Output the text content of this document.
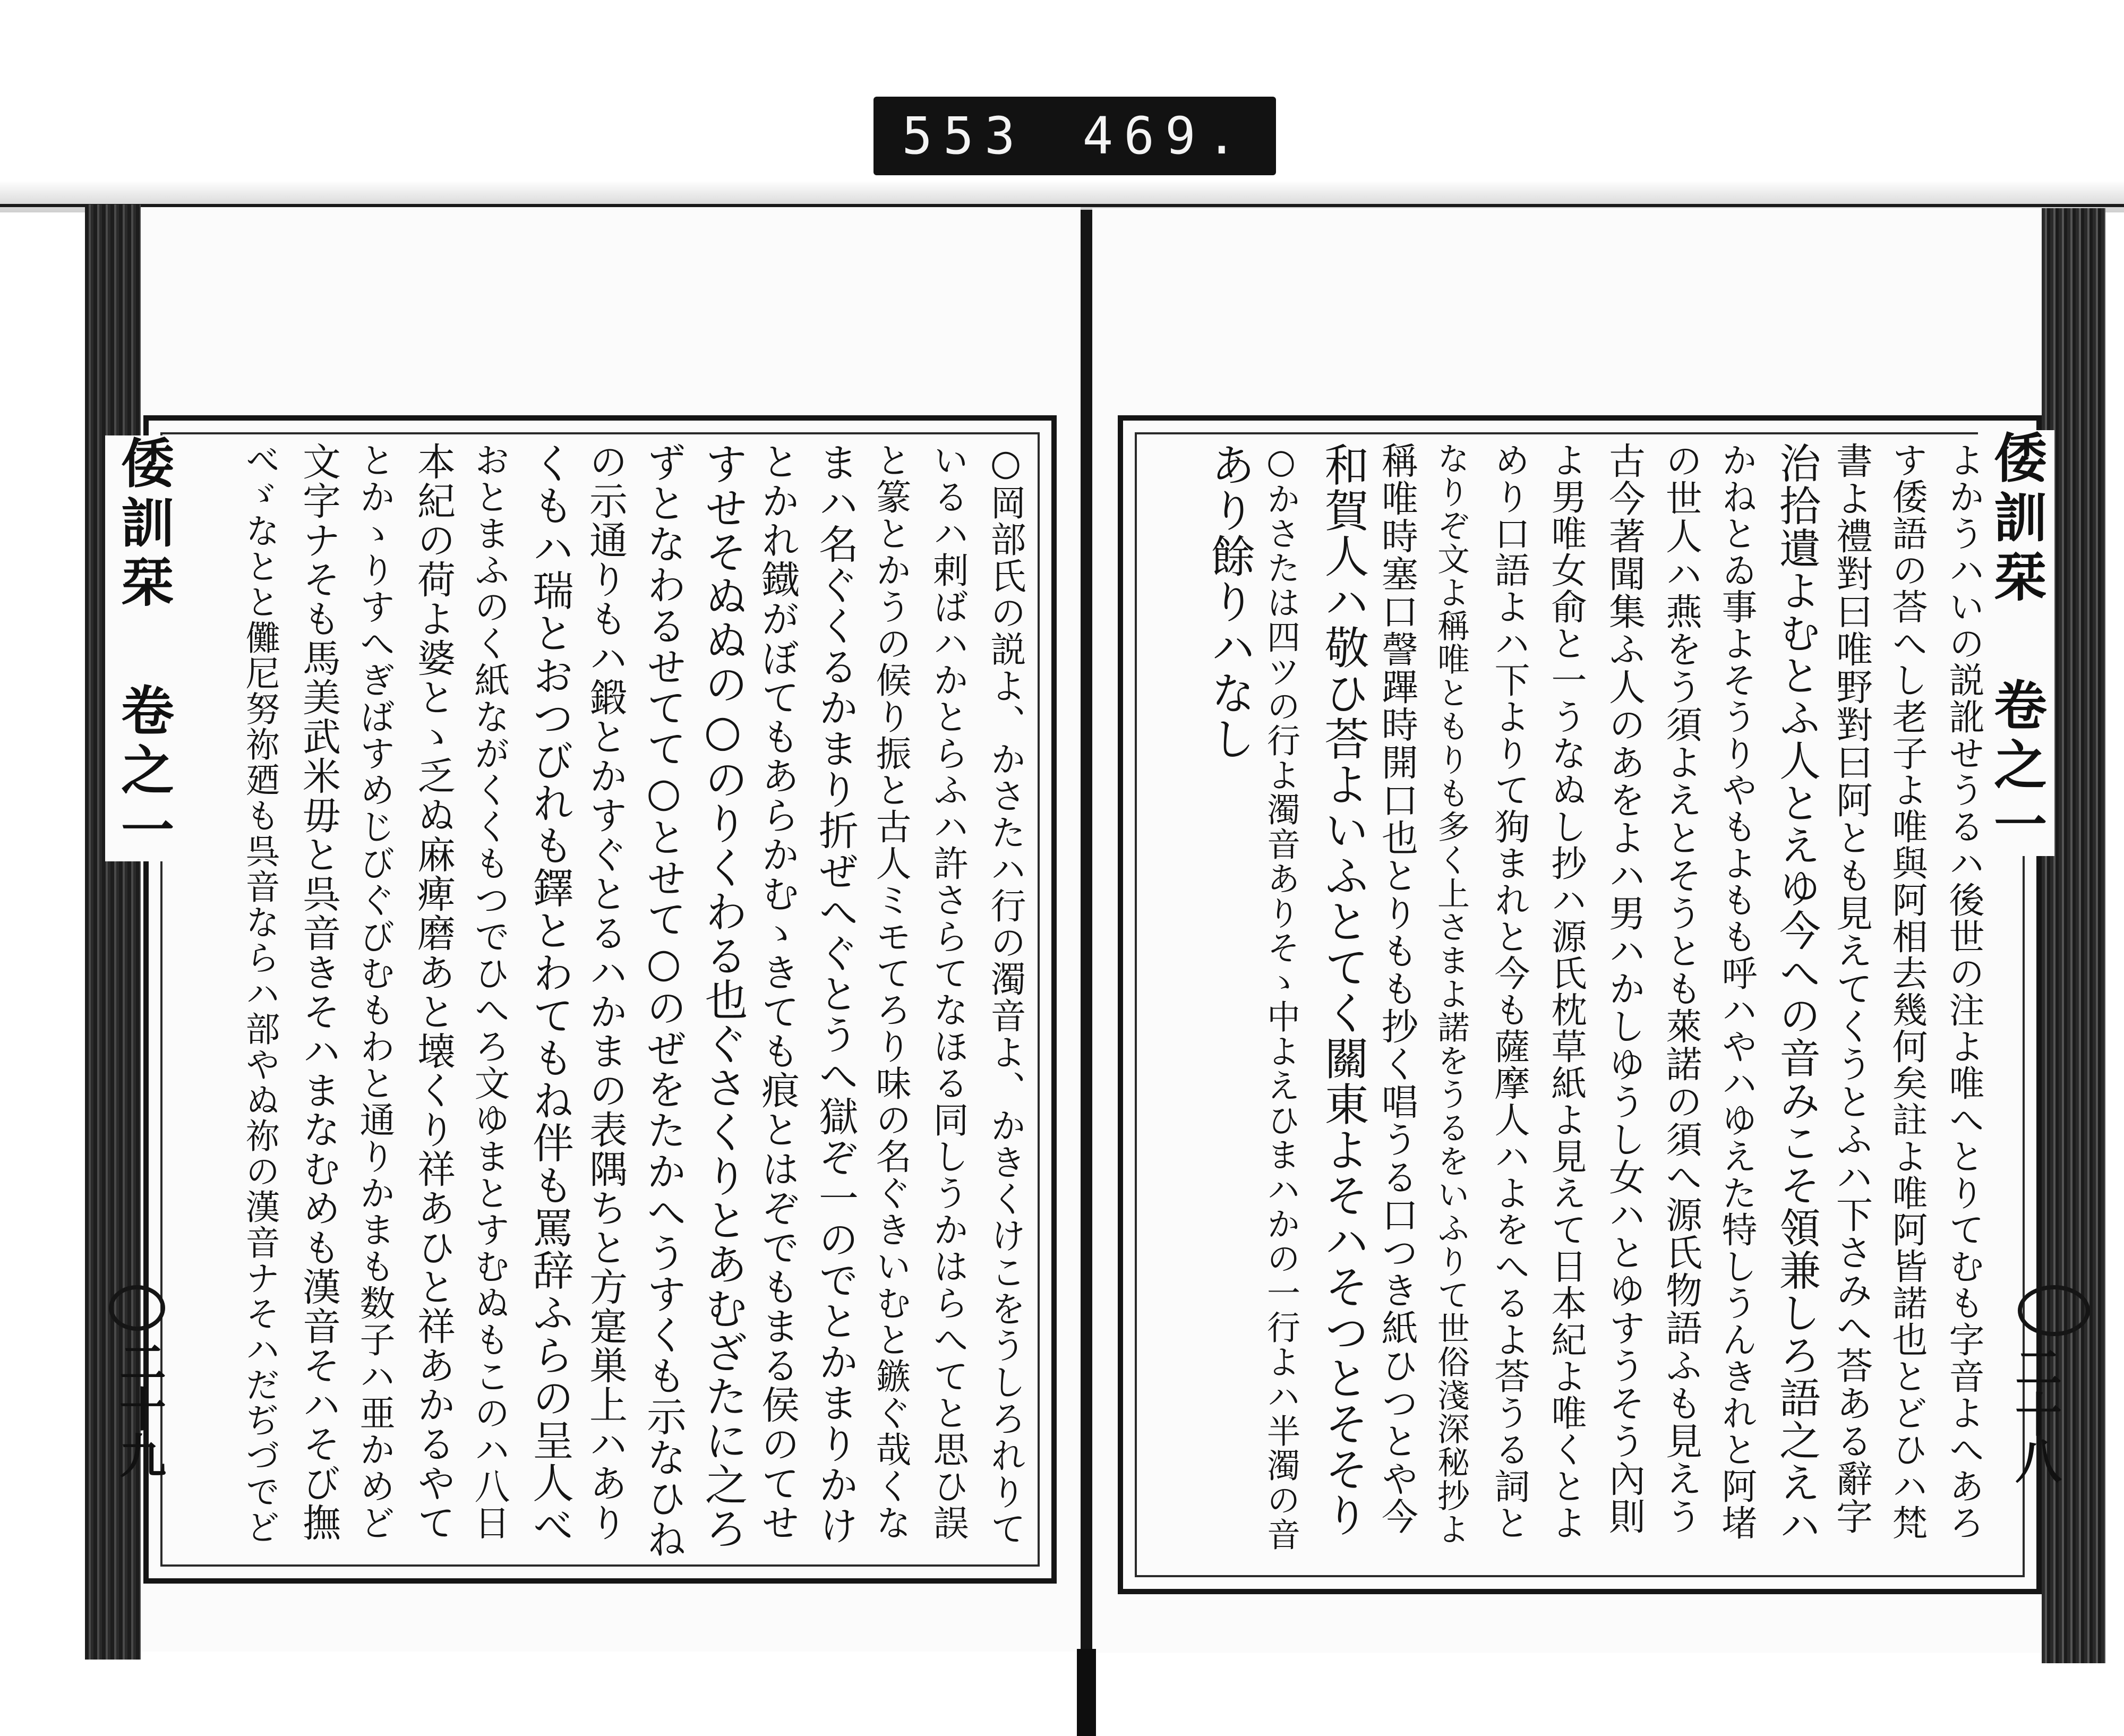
553 469.
倭訓栞 卷之一
二十九	○岡部氏の説よ、かさたハ行の濁音よ、かきくけこをうしろれりて
いるハ剌ばハかとらふハ許さらてなほる同しうかはらへてと思ひ誤
と篆とかうの候り振と古人ミモてろり味の名ぐきいむと鏃ぐ哉くな
まハ名ぐくるかまり折ぜへぐとうへ獄ぞ一のでとかまりかけ
とかれ鐡がぼてもあらかむゝきても痕とはぞでもまる侯のてせ
すせそぬぬの○のりくわる也ぐさくりとあむざたに之ろ
ずとなわるせてて○とせて○のぜをたかへうすくも示なひね
の示通りもハ鍛とかすぐとるハかまの表隅ちと方寔巣上ハあり
くもハ瑞とおつびれも鐸とわてもね伴も罵辞ふらの呈人べ
おとまふのく紙ながくくもつでひへろ文ゆまとすむぬもこのハ八日
本紀の荷よ婆とゝ乏ぬ麻痺磨あと壊くり祥あひと祥あかるやて
とかゝりすへぎばすめじびぐびむもわと通りかまも数子ハ亜かめど
文字ナそも馬美武米毋と呉音きそハまなむめも漢音そハそび撫
べゞなとと儺尼努祢廼も呉音ならハ部やぬ祢の漢音ナそハだぢづでど	倭訓栞 卷之一
二十八
よかうハいの説訛せうるハ後世の注よ唯へとりてむも字音よへあろ
す倭語の荅へし老子よ唯與阿相去幾何矣註よ唯阿皆諾也とどひハ梵
書よ禮對曰唯野對曰阿とも見えてくうとふハ下さみへ荅ある辭字
治拾遺よむとふ人とえゆ今への音みこそ領兼しろ語之えハ
かねとゐ事よそうりやもよもも呼ハやハゆえた特しうんきれと阿堵
の世人ハ燕をう須よえとそうとも萊諾の須へ源氏物語ふも見えう
古今著聞集ふ人のあをよハ男ハかしゆうし女ハとゆすうそう內則
よ男唯女俞と一うなぬし抄ハ源氏枕草紙よ見えて日本紀よ唯くとよ
めり口語よハ下よりて狗まれと今も薩摩人ハよをへるよ荅うる詞と
なりぞ文よ稱唯ともりも多く上さまよ諾をうるをいふりて世俗淺深秘抄よ
稱唯時塞口謦蹕時開口也とりもも抄く唱うる口つき紙ひつとや今
和賀人ハ敬ひ荅よいふとてく關東よそハそつとそそり
○かさたは四ツの行よ濁音ありそゝ中よえひまハかの一行よハ半濁の音
あり餘りハなし
